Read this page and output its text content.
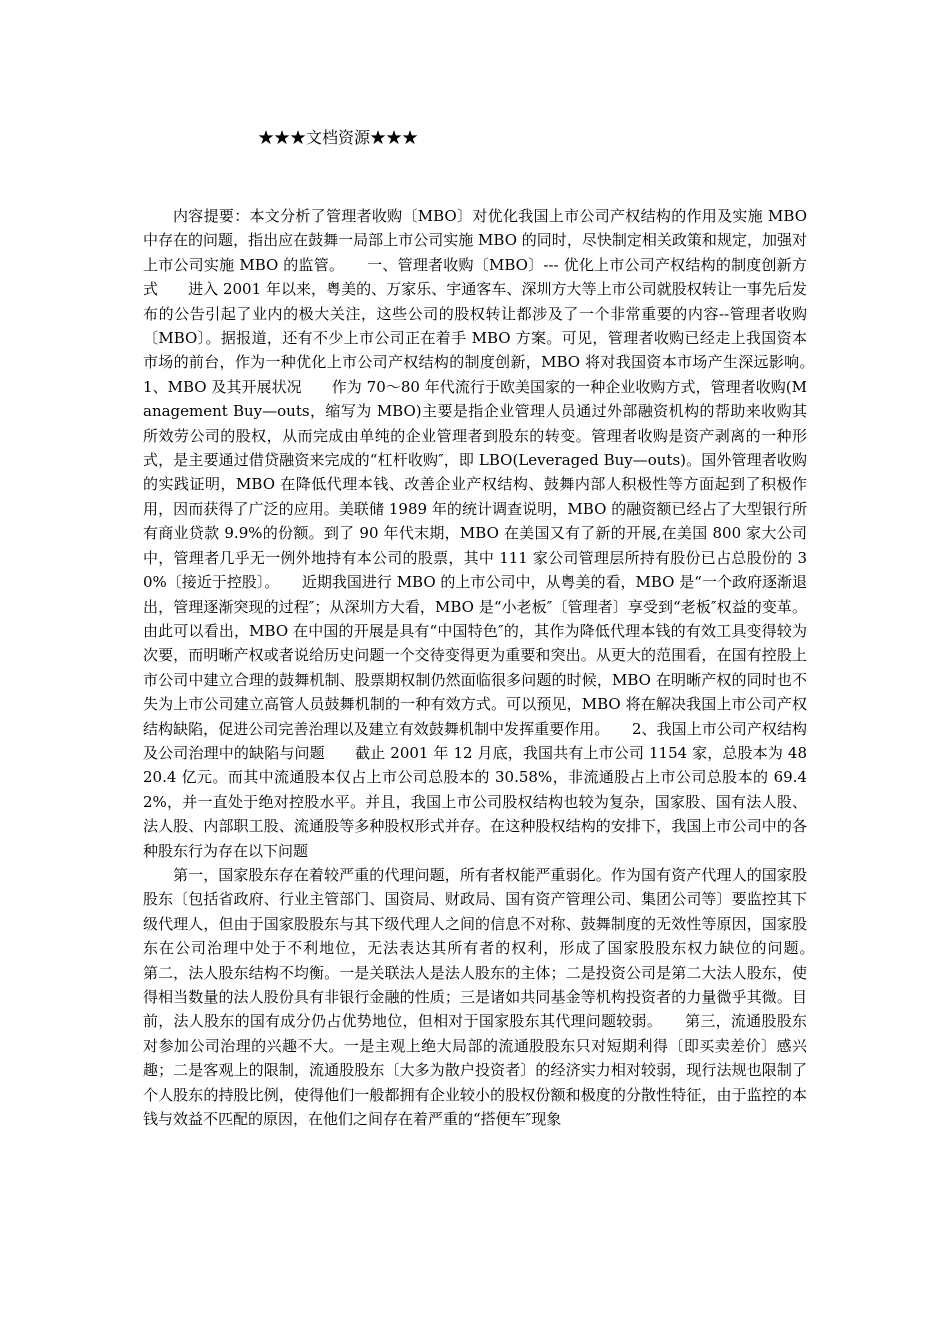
★★★文档资源★★★

内容提要：本文分析了管理者收购〔MBO〕对优化我国上市公司产权结构的作用及实施 MBO 中存在的问题，指出应在鼓舞一局部上市公司实施 MBO 的同时，尽快制定相关政策和规定，加强对上市公司实施 MBO 的监管。　　一、管理者收购〔MBO〕--- 优化上市公司产权结构的制度创新方式　　进入 2001 年以来，粤美的、万家乐、宇通客车、深圳方大等上市公司就股权转让一事先后发布的公告引起了业内的极大关注，这些公司的股权转让都涉及了一个非常重要的内容--管理者收购〔MBO〕。据报道，还有不少上市公司正在着手 MBO 方案。可见，管理者收购已经走上我国资本市场的前台，作为一种优化上市公司产权结构的制度创新，MBO 将对我国资本市场产生深远影响。　　1、MBO 及其开展状况　　作为 70～80 年代流行于欧美国家的一种企业收购方式，管理者收购(Management Buy—outs，缩写为 MBO)主要是指企业管理人员通过外部融资机构的帮助来收购其所效劳公司的股权，从而完成由单纯的企业管理者到股东的转变。管理者收购是资产剥离的一种形式，是主要通过借贷融资来完成的“杠杆收购″，即 LBO(Leveraged Buy—outs)。国外管理者收购的实践证明，MBO 在降低代理本钱、改善企业产权结构、鼓舞内部人积极性等方面起到了积极作用，因而获得了广泛的应用。美联储 1989 年的统计调查说明，MBO 的融资额已经占了大型银行所有商业贷款 9.9%的份额。到了 90 年代末期，MBO 在美国又有了新的开展,在美国 800 家大公司中，管理者几乎无一例外地持有本公司的股票，其中 111 家公司管理层所持有股份已占总股份的 30%〔接近于控股〕。　　近期我国进行 MBO 的上市公司中，从粤美的看，MBO 是“一个政府逐渐退出，管理逐渐突现的过程″；从深圳方大看，MBO 是“小老板″〔管理者〕享受到“老板″权益的变革。由此可以看出，MBO 在中国的开展是具有“中国特色″的，其作为降低代理本钱的有效工具变得较为次要，而明晰产权或者说给历史问题一个交待变得更为重要和突出。从更大的范围看，在国有控股上市公司中建立合理的鼓舞机制、股票期权制仍然面临很多问题的时候，MBO 在明晰产权的同时也不失为上市公司建立高管人员鼓舞机制的一种有效方式。可以预见，MBO 将在解决我国上市公司产权结构缺陷，促进公司完善治理以及建立有效鼓舞机制中发挥重要作用。　　2、我国上市公司产权结构及公司治理中的缺陷与问题　　截止 2001 年 12 月底，我国共有上市公司 1154 家，总股本为 4820.4 亿元。而其中流通股本仅占上市公司总股本的 30.58%，非流通股占上市公司总股本的 69.42%，并一直处于绝对控股水平。并且，我国上市公司股权结构也较为复杂，国家股、国有法人股、法人股、内部职工股、流通股等多种股权形式并存。在这种股权结构的安排下，我国上市公司中的各种股东行为存在以下问题

第一，国家股东存在着较严重的代理问题，所有者权能严重弱化。作为国有资产代理人的国家股股东〔包括省政府、行业主管部门、国资局、财政局、国有资产管理公司、集团公司等〕要监控其下级代理人，但由于国家股股东与其下级代理人之间的信息不对称、鼓舞制度的无效性等原因，国家股东在公司治理中处于不利地位，无法表达其所有者的权利，形成了国家股股东权力缺位的问题。　　第二，法人股东结构不均衡。一是关联法人是法人股东的主体；二是投资公司是第二大法人股东，使得相当数量的法人股份具有非银行金融的性质；三是诸如共同基金等机构投资者的力量微乎其微。目前，法人股东的国有成分仍占优势地位，但相对于国家股东其代理问题较弱。　　第三，流通股股东对参加公司治理的兴趣不大。一是主观上绝大局部的流通股股东只对短期利得〔即买卖差价〕感兴趣；二是客观上的限制，流通股股东〔大多为散户投资者〕的经济实力相对较弱，现行法规也限制了个人股东的持股比例，使得他们一般都拥有企业较小的股权份额和极度的分散性特征，由于监控的本钱与效益不匹配的原因，在他们之间存在着严重的“搭便车″现象
